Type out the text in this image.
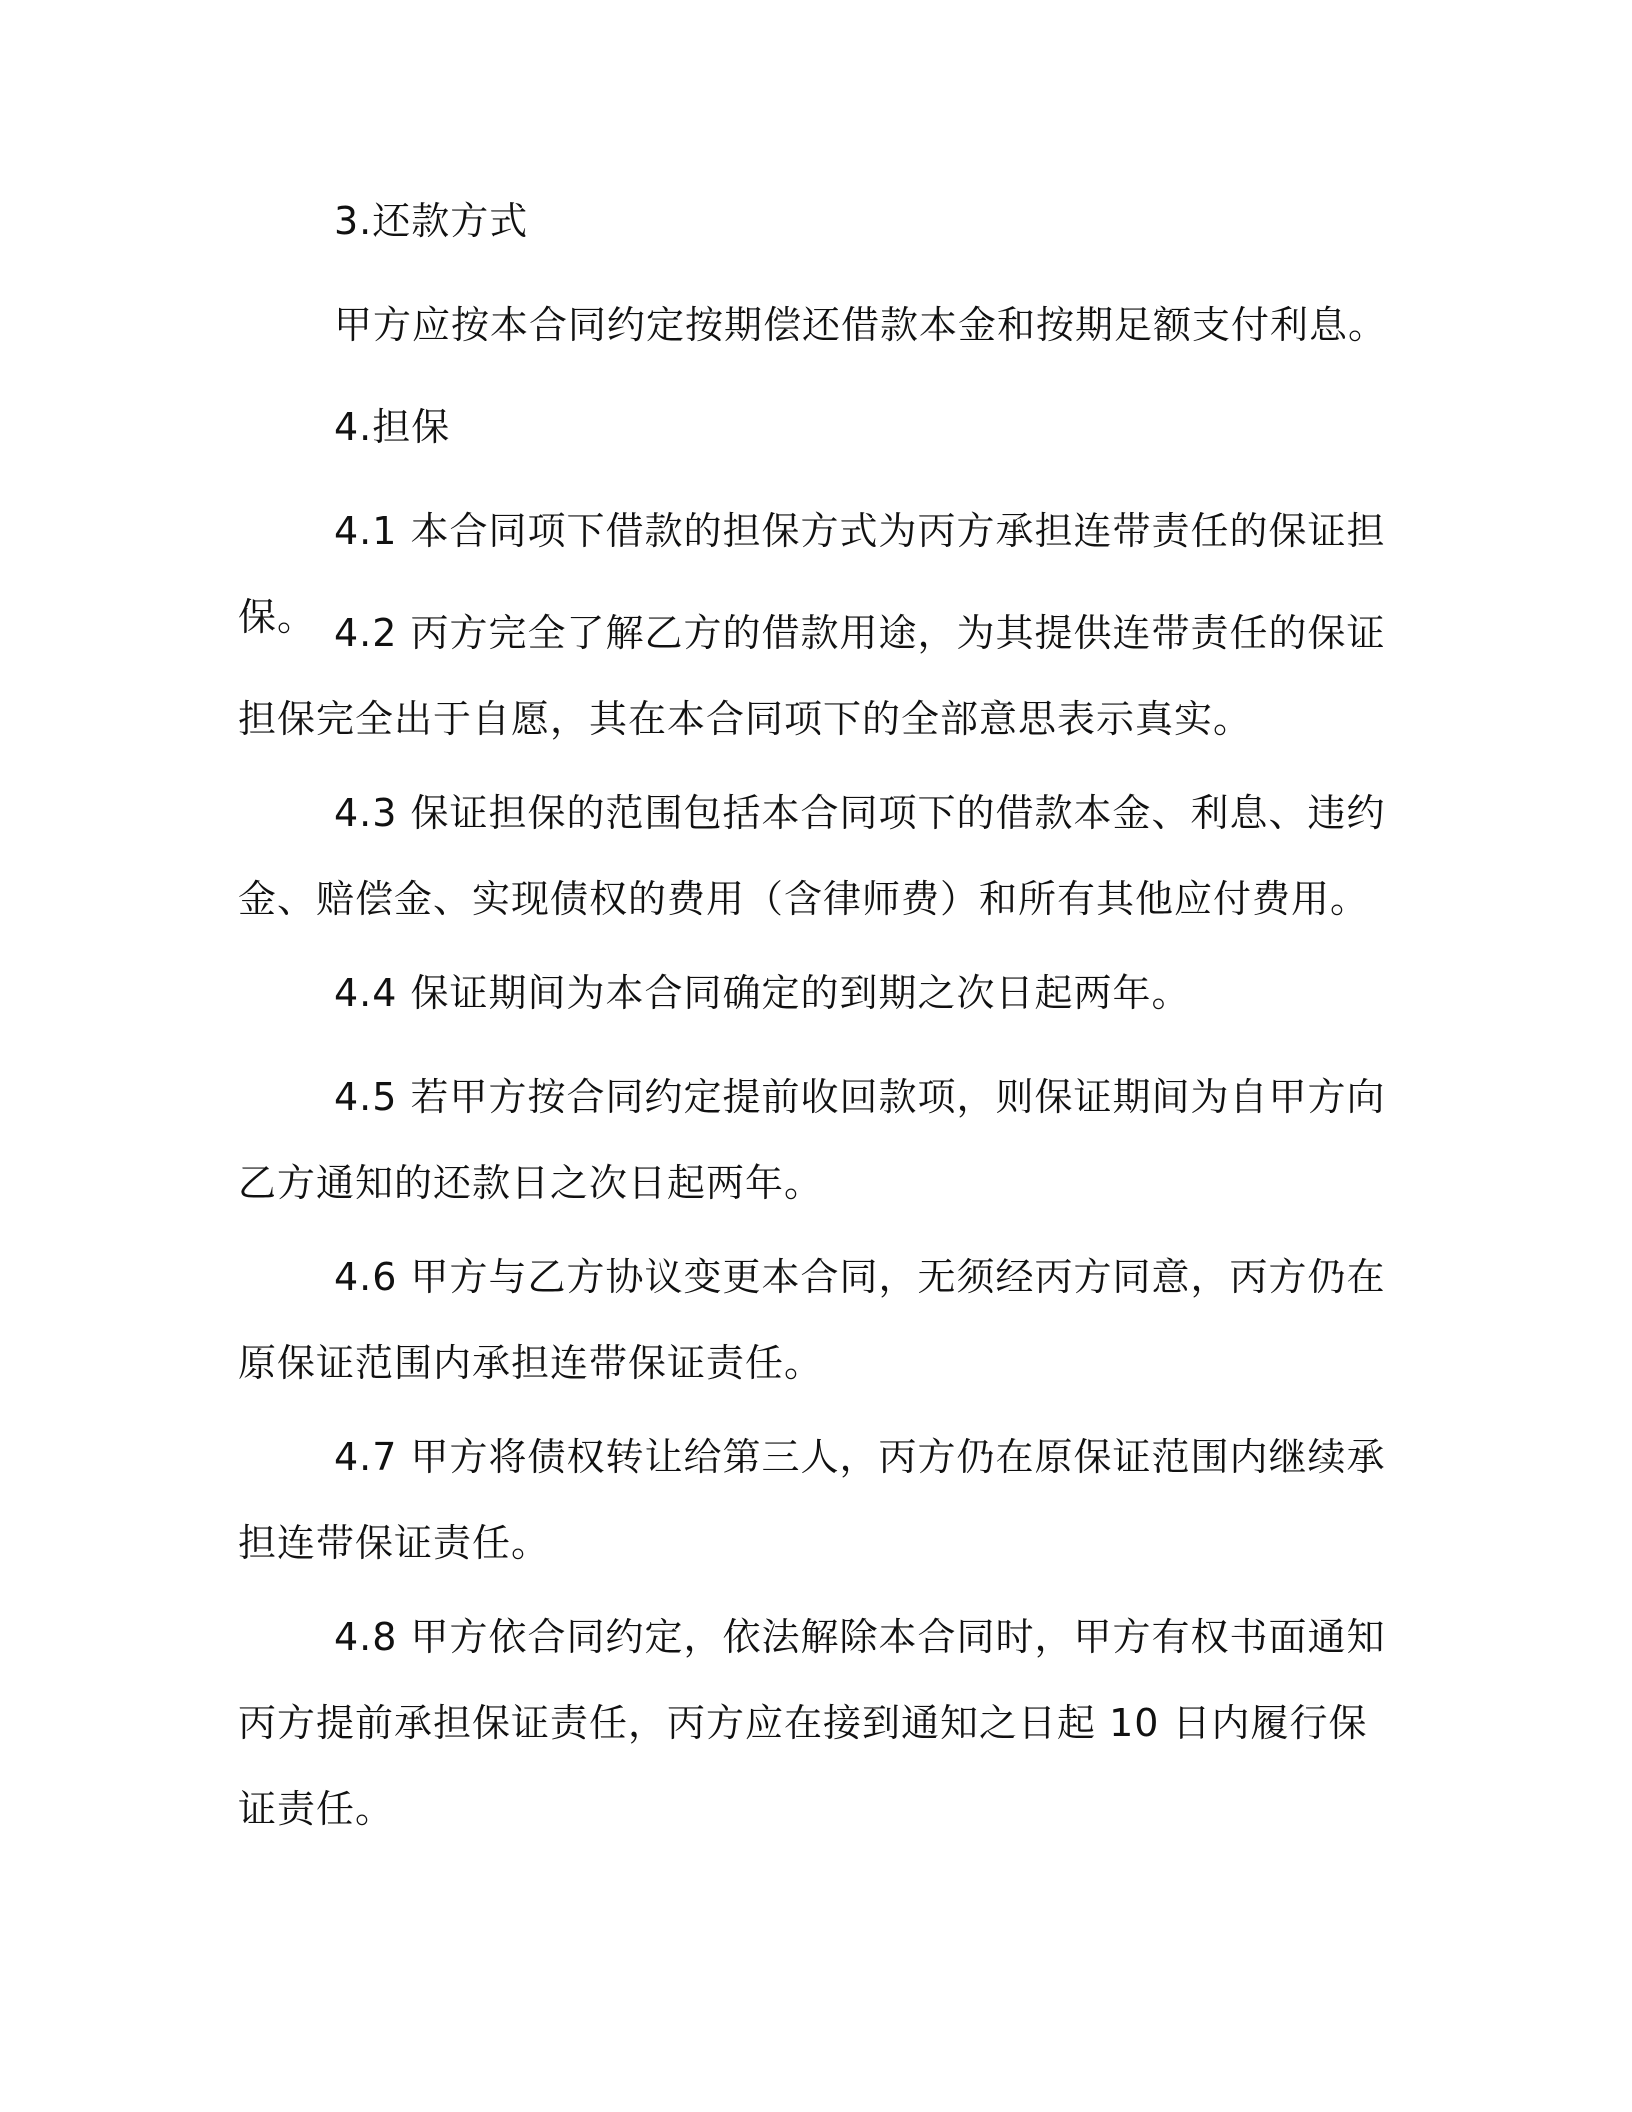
3.还款方式

甲方应按本合同约定按期偿还借款本金和按期足额支付利息。

4.担保

4.1 本合同项下借款的担保方式为丙方承担连带责任的保证担保。 4.2 丙方完全了解乙方的借款用途，为其提供连带责任的保证担保完全出于自愿，其在本合同项下的全部意思表示真实。

4.3 保证担保的范围包括本合同项下的借款本金、利息、违约金、赔偿金、实现债权的费用（含律师费）和所有其他应付费用。

4.4 保证期间为本合同确定的到期之次日起两年。

4.5 若甲方按合同约定提前收回款项，则保证期间为自甲方向乙方通知的还款日之次日起两年。

4.6 甲方与乙方协议变更本合同，无须经丙方同意，丙方仍在原保证范围内承担连带保证责任。

4.7 甲方将债权转让给第三人，丙方仍在原保证范围内继续承担连带保证责任。

4.8 甲方依合同约定，依法解除本合同时，甲方有权书面通知丙方提前承担保证责任，丙方应在接到通知之日起 10 日内履行保证责任。
